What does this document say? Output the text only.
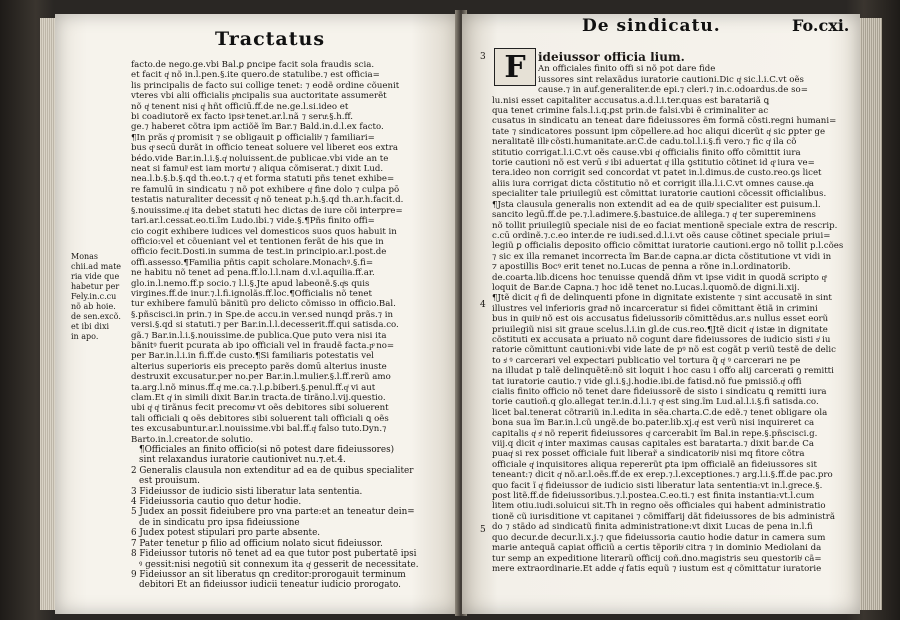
Tractatus

Monas

chii.ad mate

ria vide que

habetur per

Fely.in.c.cu

nõ ab hoie.

de sen.excõ.

et ibi dixi

in apo.

facto.de nego.ge.vbi Bal.ꝑ ꝑncipe facit sola fraudis scia.

et facit qͥ nõ in.l.pen.§.ite quero.de statulibe.⁊ est̃ officia=

lis principalis de facto sui collige tenet: ⁊ eodẽ ordine cõuenit

vteres vbi alii officialis pͥncipalis sua auctoritate assumerẽt

nõ qͥ tenent̃ nisi qͥ hñt officiū.ff.de ne.ge.l.si.ideo et

bi coadiutorẽ ex facto ipsiͣ tenet̃.ar.l.nã ⁊ seruͣ.§.h.ff.

ge.⁊ haberet cõtra ipm actiõẽ ĩm Bar.⁊ Bald.in.d.l.ex facto.

¶In prãs qͥ promisit ⁊ se obligauit ꝑ officialibͥ ⁊ familiari=

bus qͦ secū durãt in officio teneat̃ soluere vel liberet eos extra

bédo.vide Bar.in.l.i.§.qͥ noluissent.de publicae.vbi vide an te

neat̃ si famulͥ est iam mortuͥ ⁊ aliqua cõmiserat.⁊ dixit Lud.

nea.l.b.§.b.§.qd th.eo.t.⁊ qͥ et forma statuti pñs tenet̃ exhibe=

re famulū in sindicatu ⁊ nõ pot exhibere qͥ fine dolo ⁊ culpa pō

testatis naturaliter decessit qͥ nõ teneat̃ p.h.§.qd th.ar.h.facit.d.

§.nouissime.qͥ ita debet statuti hec dictas de iure cõi interpre=

tari.ar.l.cessat.eo.ti.ĩm Ludo.ibi.⁊ vide.§.¶Pñs finito offi=

cio cogit exhibere iudices vel domesticos suos quos habuit in

officio:vel et cõueniant vel et tentionen ferãt de his que in

officio fecit.Dosti.in summa de test.in principio.ar.l.post.de

offi.assesso.¶Familia pñtis capit̃ scholare.Monachꝰ.§.fi=

ne habitu nõ tenet ad pena.ff.lo.l.l.nam d.v.l.aquilia.ff.ar.

glo.in.l.nemo.ff.p socio.⁊ l.l.§.Jte apud labeonẽ.§.qͥs quis

virgines.ff.de inur.⁊.l.fi.ignolãs.ff.loc.¶Officialis nõ tenet

tur exhibere famulū bãnitũ pro delicto cõmisso in officio.Bal.

§.pñscisci.in prin.⁊ in Spe.de accu.in ver.sed nunqd prãs.⁊ in

versi.§.qd si statuti.⁊ per Bar.in.l.l.decesserit.ff.qui satisda.co.

gã.⁊ Bar.in.l.i.§.nouissime.de publica.Que puto vera nisi ita

bãnitꝰ fuerit pcurata ab ipo officiali vel in fraudẽ facta.pͦ no=

per Bar.in.l.i.in fi.ff.de custo.¶Si familiaris potestatis vel

alterius superioris eis precepto parẽs domū alterius inuste

destruxit excusatur.per no.per Bar.in.l.mulier.§.l.ff.rerũ amo

ta.arg.l.nõ minus.ff.qͥ me.ca.⁊.l.ꝑ.biberi.§.penul.ff.qͥ vi aut

clam.Et qͥ in simili dixit Bar.in tracta.de tirãno.l.vij.questio.

ubi qͥ qͥ tirãnus fecit precomuͣ vt oẽs debitores sibi soluerent

tali officiali ꝗ oẽs debitores sibi soluerent tali officiali ꝗ oẽs

tes excusabuntur.ar.l.nouissime.vbi bal.ff.qͥ falso tuto.Dyn.⁊

Barto.in.l.creator.de solutio.

¶Officiales an finito officio(si nõ potest dare fideiussores)

sint relaxandus iuratorie cautionivet nu.⁊.et.4.

2 Generalis clausula non extenditur ad ea de quibus specialiter

est prouisum.

3 Fideiussor de iudicio sisti liberatur lata sententia.

4 Fideiussoria cautio quo detur hodie.

5 Judex an possit fideiubere pro vna parte:et an teneatur dein=

de in sindicatu pro ipsa fideiussione

6 Judex potest stipulari pro parte absente.

7 Pater tenetur p filio ad officium nolato sicut fideiussor.

8 Fideiussor tutoris nõ tenet ad ea que tutor post pubertatẽ ipsi

ꝰ gessit:nisi negotiū sit connexum ita qͥ gesserit de necessitate.

9 Fideiussor an sit liberatus qn creditor:prorogauit terminum

debitori Et an fideiussor iudicii teneatur iudicio prorogato.

De sindicatu.	Fo.cxi.
F	ideiussor officia lium.

An officiales finit̃o offi si nõ pot dare fide

iussores sint relaxãdus iuratorie cautioni.Dic qͥ sic.l.i.C.vt oẽs

cause.⁊ in auf.generaliter.de epi.⁊ cleri.⁊ in.c.odoardus.de so=

lu.nisi esset capitaliter accusatus.a.d.l.i.ter.quas est baratariã ꝗ

qua tenet crimine fals.l.i.q.ꝑst prin.de falsi.vbi ẽ criminaliter ac

cusatus in sindicatu an teneat̃ dare fideiussores ẽm formã cõsti.regni humani=

tate ⁊ sindicatores possunt ipm cõpellere.ad hoc aliqui dicerũt qͥ sic ꝑpter ge

neralitatẽ illiͣ cõsti.humanitate.ar.C.de cadu.tol.l.i.§.fi vero.⁊ fic qͥ ila cõ

stitutio corrigat.l.i.C.vt oẽs cause.vbi qͥ officialis finito offo cõmittit iura

torie cautioni nõ est verū sͥ ibi aduertat qͥ illa ꝯstitutio cõtinet id qͦ iura ve=

tera.ideo non corrigit sed concordat vt patet in.l.dimus.de custo.reo.ꝯs licet

aliis iura corrigat dicta cõstitutio nõ et corrigit illa.l.i.C.vt omnes cause.qͥa

specialiter tale priuilegiũ est cõmittat̃ iuratorie cautioni cõcessit officialibus.

¶Jsta clausula generalis non extendit ad ea de quibͥ specialiter est ꝑuisum.l.

sancito legū.ff.de pe.⁊.l.adimere.§.bastuice.de alilega.⁊ qͥ ter supereminens

nõ tollit priuilegiũ speciale nisi de eo faciat mentionẽ speciale extra de rescrip.

c.cū ordinẽ.⁊.c.eo inter.de re iudi.sed.d.l.i.vt oẽs cause cõtinet speciale priui=

legiũ ꝑ officialis deposito officio cõmittat̃ iuratorie cautioni.ergo nõ tollit p.l.cões

⁊ sic ex illa remanet incorrecta ĩm Bar.de capna.ar dicta cõstitutione vt vidi in

⁊ apostillis Bocꝰ erit tenet no.Lucas de penna a rõne in.l.ordinatorib.

de.coarta.lib.dicens hoc tenuisse quendã dñm vt ipse vidit in quodã scripto qͦ

loquit̃ de Bar.de Capna.⁊ hoc idẽ tenet no.Lucas.l.quomõ.de digni.li.xij.

¶Jtẽ dicit qͥ fi de delinquenti pfone in dignitate existente ⁊ sint accusatẽ in sint

illustres vel inferioris gradͥ nõ incarceratur si fidei cõmittant̃ ẽtiã in crimini

bus in quibͥ nõ est ois accusatus fideiussoribͥ cõmittẽdus.ar.s nullus esset eorũ

priuilegiũ nisi sit graue scelus.l.i.in gl.de cus.reo.¶Jtẽ dicit qͥ istæ in dignitate

cõstituti ex accusata a priuato nõ cogunt̃ dare fideiussores de iudicio sisti sͥ iu

ratorie cõmittunt̃ cautioni:vbi vide late de pꝰ nõ est cogãt p veriũ testẽ de delic

to sͥ ꝰ carcerari vel expectari publicatio vel tortura q̃ qͥ ꝰ carcerari ne pe

na illudat̃ p talẽ delinquẽtẽ:nõ sit loquit̃ i hoc casu i offo alij carcerati ꝯ remitti

tat iuratorie cautio.⁊ vide gl.i.§.j.hodie.ibi.de fatisd.nõ fue pmissiõ.qͥ offi

cialis finito officio nõ tenet dare fideiussorẽ de sisto i sindicatu ꝗ remitti iura

torie cautioñ.q glo.allegat ter.in.d.l.i.⁊ qͦ est sing.ĩm Lud.al.l.i.§.fi satisda.co.

licet bal.tenerat cõtrariũ in.l.edita in sẽa.charta.C.de edẽ.⁊ tenet obligare ola

bona sua ĩm Bar.in.l.cũ ungẽ.de bo.pater.lib.xj.qͥ est verũ nisi inquireret ca

capitalis qͥ sͥ nõ reperit fideiussores qͥ carcerabit ĩm Bal.in repe.§.pñscisci.g.

viij.q dicit qͥ inter maximas causas capitales est baratarta.⁊ dixit bar.de Ca

puaqͥ si rex posset officiale fuit liberar̃ a sindicatoribͥ nisi mq fitore cõtra

officiale qͥ inquisitores aliqua repererũt ꝑta ipm officialẽ an fideiussores sit

teneant̃:⁊ dicit qͥ nõ.ar.l.oẽs.ff.de ex erep.⁊.l.exceptiones.⁊ arg.l.i.§.ff.de pac.pro

quo facit ĩ qͥ fideiussor de iudicio sisti liberatur lata sententia:vt in.l.grece.§.

post litẽ.ff.de fideiussoribus.⁊.l.postea.C.eo.ti.⁊ est finita instantia:vt.l.cum

litem otiu.iudi.soluicui sit.Th in regno oẽs officiales qui habent administratio

tionẽ cũ iurisditione vt capitanei ⁊ cõmiffarij dãt fideiussores de bis administrã

do ⁊ stãdo ad sindicatũ finita administratione:vt dixit Lucas de pena in.l.fi

quo decur.de decur.li.x.j.⁊ que fideiussoria cautio hodie datur in camera sum

marie antequã capiat officiũ a certis tẽporibͥ citra ⁊ in dominio Mediolani da

tur semp an expeditione literarũ officij coñ.dno.magistris seu questoribͥ cã=

mere extraordinarie.Et adde qͥ fatis equũ ⁊ iustum est qͥ cõmittatur iuratorie

3
4
5
